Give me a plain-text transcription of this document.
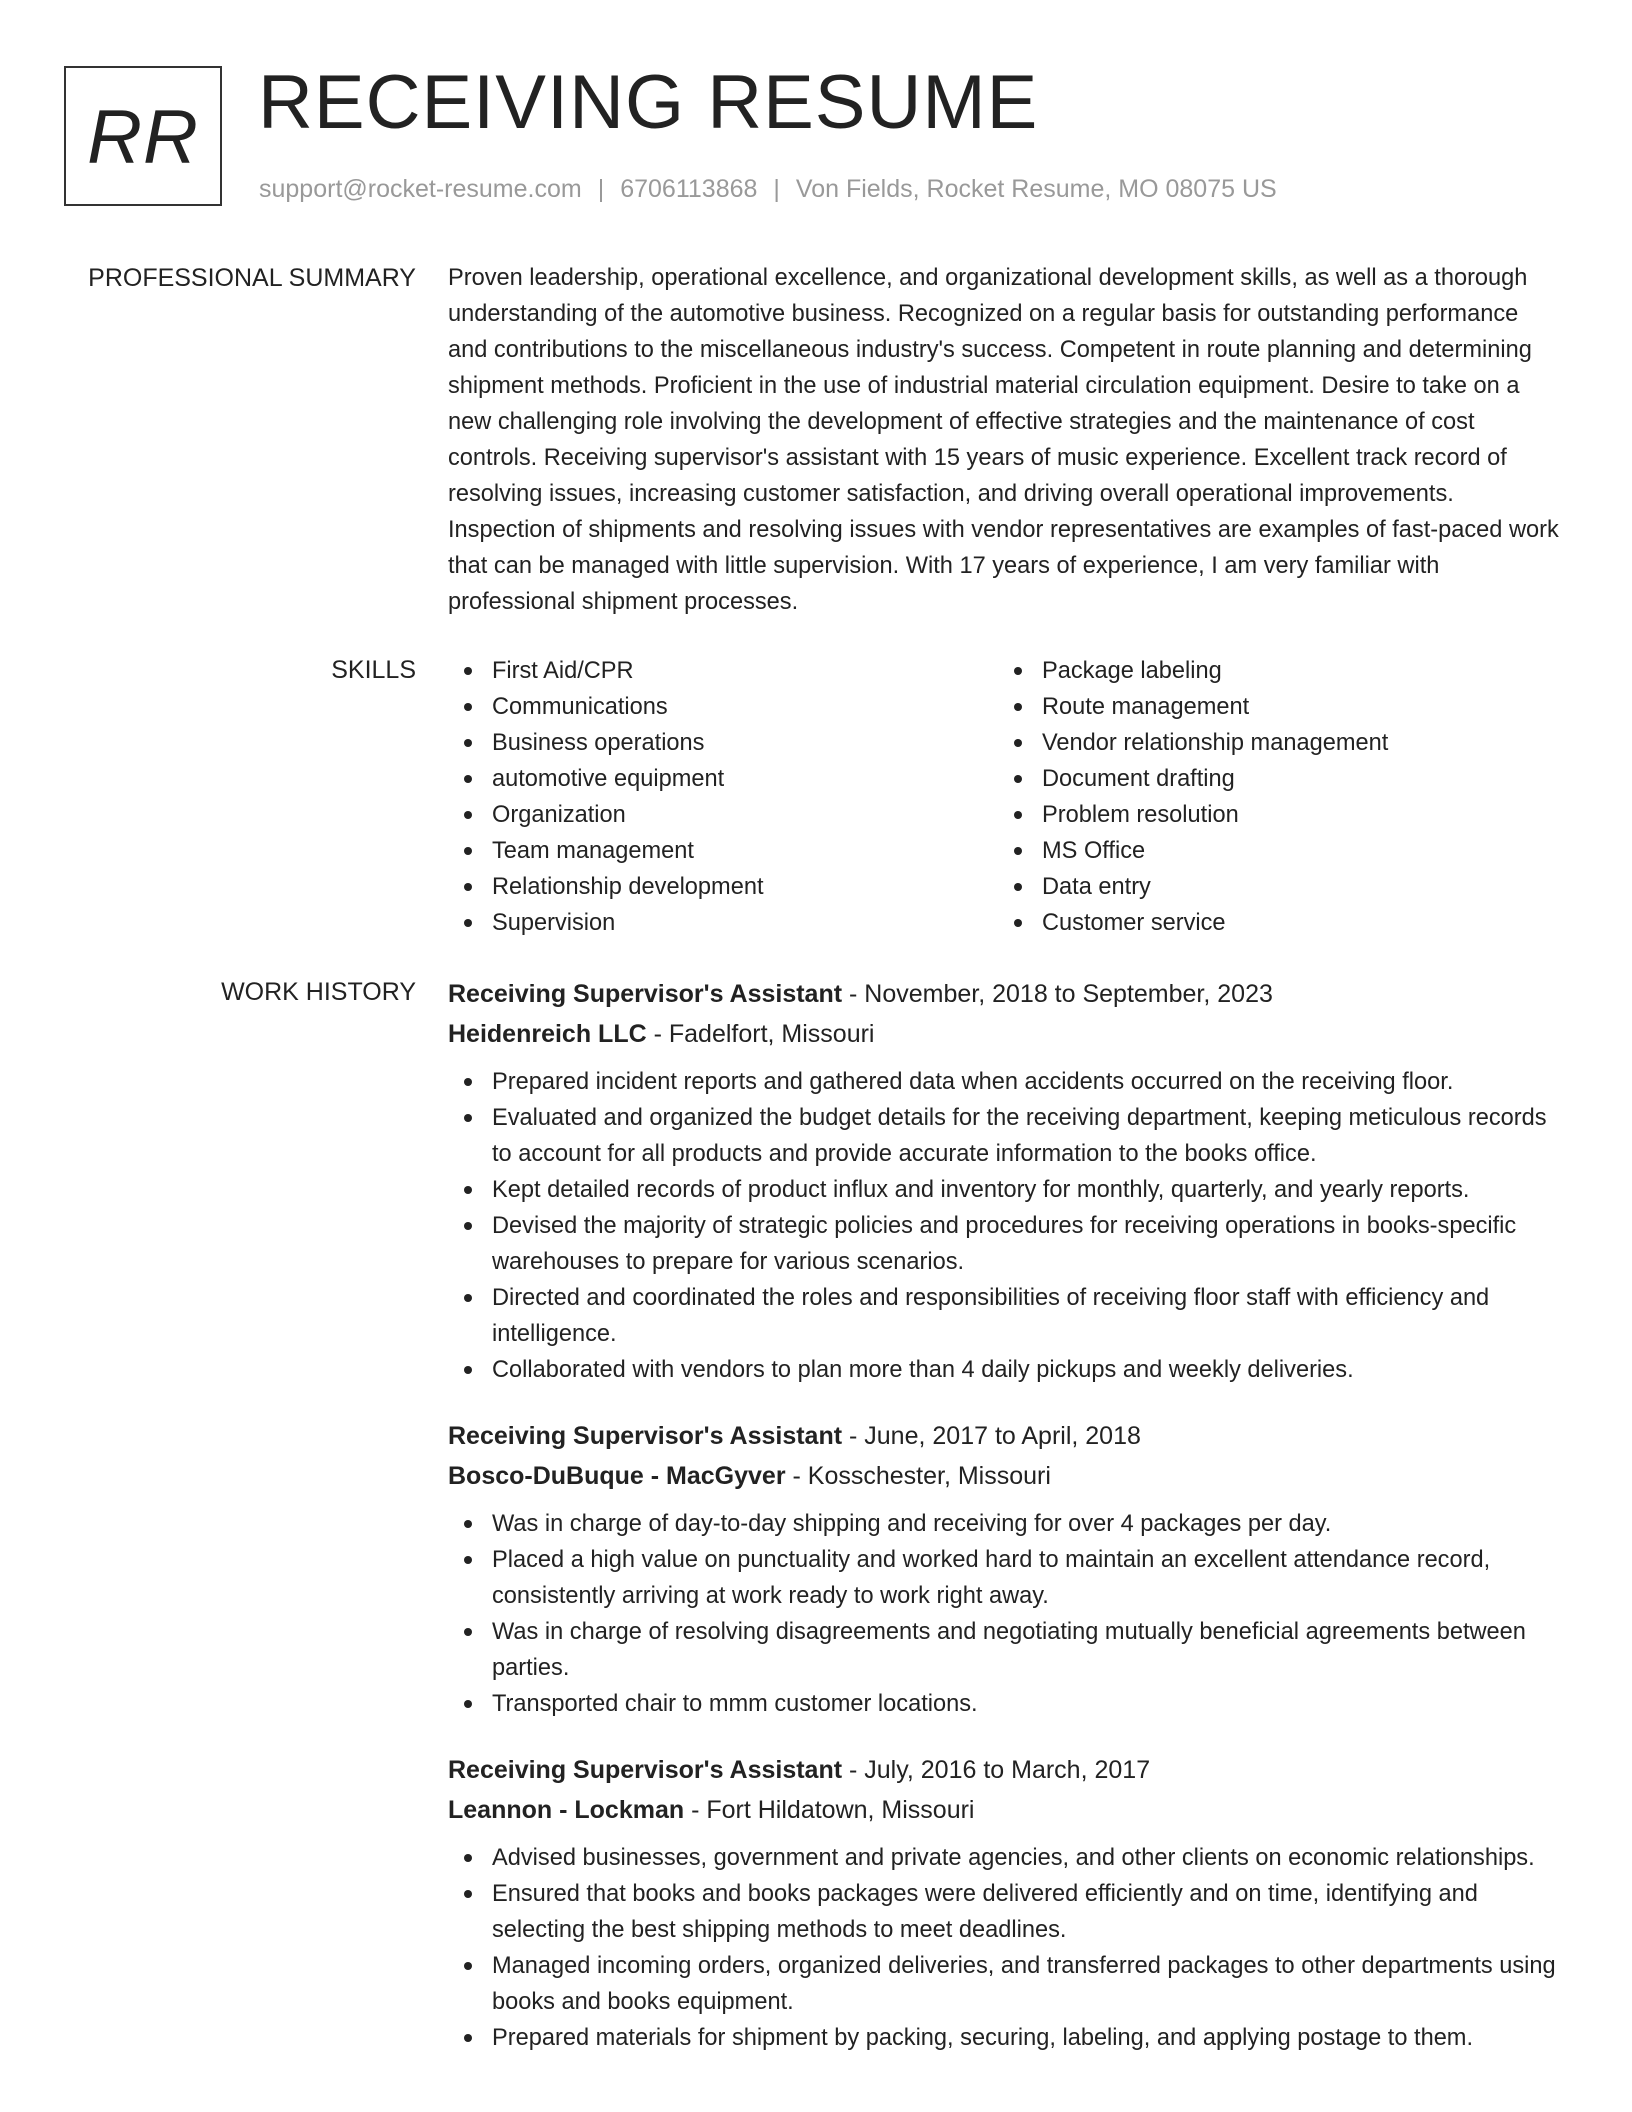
RR RECEIVING RESUME
support@rocket-resume.com | 6706113868 | Von Fields, Rocket Resume, MO 08075 US
PROFESSIONAL SUMMARY Proven leadership, operational excellence, and organizational development skills, as well as a thorough understanding of the automotive business. Recognized on a regular basis for outstanding performance and contributions to the miscellaneous industry's success. Competent in route planning and determining shipment methods. Proficient in the use of industrial material circulation equipment. Desire to take on a new challenging role involving the development of effective strategies and the maintenance of cost controls. Receiving supervisor's assistant with 15 years of music experience. Excellent track record of resolving issues, increasing customer satisfaction, and driving overall operational improvements. Inspection of shipments and resolving issues with vendor representatives are examples of fast-paced work that can be managed with little supervision. With 17 years of experience, I am very familiar with professional shipment processes.

SKILLS	First Aid/CPR
Communications
Business operations
automotive equipment
Organization
Team management
Relationship development
Supervision
Package labeling
Route management
Vendor relationship management
Document drafting
Problem resolution
MS Office
Data entry
Customer service
WORK HISTORY Receiving Supervisor's Assistant - November, 2018 to September, 2023
Heidenreich LLC - Fadelfort, Missouri
Prepared incident reports and gathered data when accidents occurred on the receiving floor.
Evaluated and organized the budget details for the receiving department, keeping meticulous records to account for all products and provide accurate information to the books office.
Kept detailed records of product influx and inventory for monthly, quarterly, and yearly reports.
Devised the majority of strategic policies and procedures for receiving operations in books-specific warehouses to prepare for various scenarios.
Directed and coordinated the roles and responsibilities of receiving floor staff with efficiency and intelligence.
Collaborated with vendors to plan more than 4 daily pickups and weekly deliveries.
Receiving Supervisor's Assistant - June, 2017 to April, 2018
Bosco-DuBuque - MacGyver - Kosschester, Missouri
Was in charge of day-to-day shipping and receiving for over 4 packages per day.
Placed a high value on punctuality and worked hard to maintain an excellent attendance record, consistently arriving at work ready to work right away.
Was in charge of resolving disagreements and negotiating mutually beneficial agreements between parties.
Transported chair to mmm customer locations.
Receiving Supervisor's Assistant - July, 2016 to March, 2017
Leannon - Lockman - Fort Hildatown, Missouri
Advised businesses, government and private agencies, and other clients on economic relationships.
Ensured that books and books packages were delivered efficiently and on time, identifying and selecting the best shipping methods to meet deadlines.
Managed incoming orders, organized deliveries, and transferred packages to other departments using books and books equipment.
Prepared materials for shipment by packing, securing, labeling, and applying postage to them.
